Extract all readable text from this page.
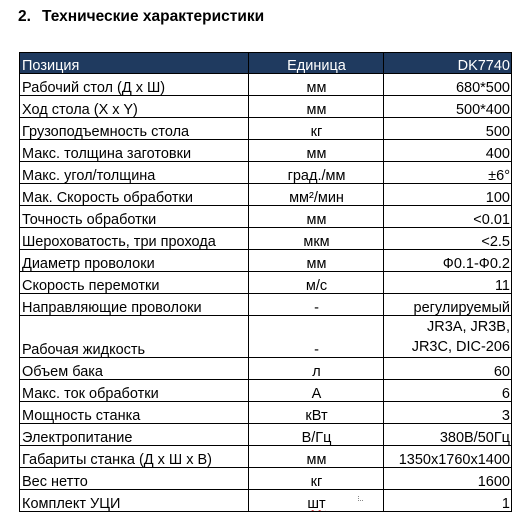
2. Технические характеристики
Позиция	Единица	DK7740
Рабочий стол (Д х Ш)	мм	680*500
Ход стола (X x Y)	мм	500*400
Грузоподъемность стола	кг	500
Макс. толщина заготовки	мм	400
Макс. угол/толщина	град./мм	±6°
Мак. Скорость обработки	мм²/мин	100
Точность обработки	мм	<0.01
Шероховатость, три прохода	мкм	<2.5
Диаметр проволоки	мм	Ф0.1-Ф0.2
Скорость перемотки	м/с	11
Направляющие проволоки	-	регулируемый
Рабочая жидкость	-	JR3A, JR3B, JR3C, DIC-206
Объем бака	л	60
Макс. ток обработки	А	6
Мощность станка	кВт	3
Электропитание	В/Гц	380В/50Гц
Габариты станка (Д х Ш х В)	мм	1350x1760x1400
Вес нетто	кг	1600
Комплект УЦИ	шт	1
